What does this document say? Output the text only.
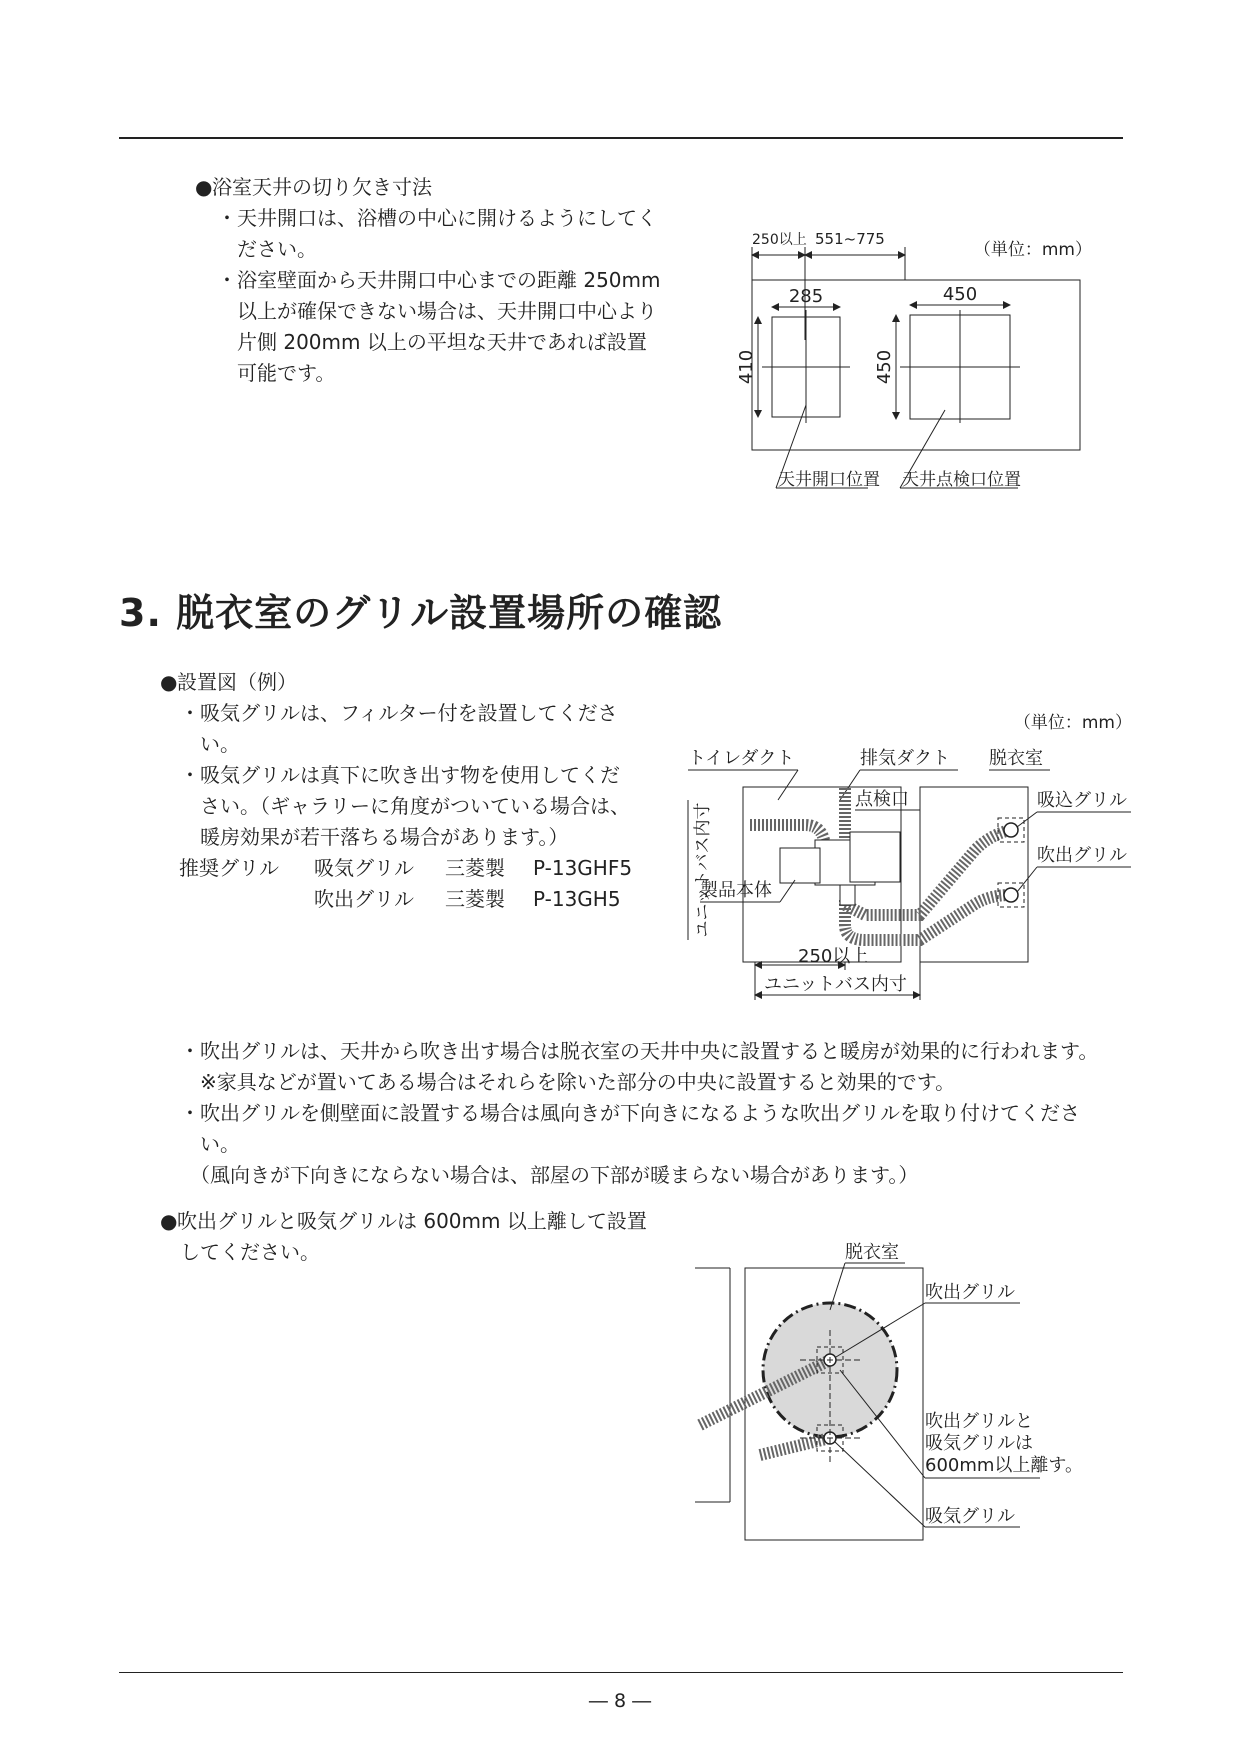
● 浴室天井の切り欠き寸法
・天井開口は、浴槽の中心に開けるようにしてく
　ださい。
・浴室壁面から天井開口中心までの距離 250mm
　以上が確保できない場合は、天井開口中心より
　片側 200mm 以上の平坦な天井であれば設置
　可能です。
（単位：mm）
250以上 551~775
285	450
410	450
天井開口位置 天井点検口位置
3. 脱衣室のグリル設置場所の確認
● 設置図（例）
・吸気グリルは、フィルター付を設置してくださ
　い。
・吸気グリルは真下に吹き出す物を使用してくだ
　さい。（ギャラリーに角度がついている場合は、
　暖房効果が若干落ちる場合があります。）
推奨グリル 吸気グリル 三菱製 P-13GHF5
吹出グリル 三菱製 P-13GH5
（単位：mm）
トイレダクト	排気ダクト 脱衣室
ユニットバス内寸
点検口	吸込グリル
吹出グリル
製品本体
250以上
ユニットバス内寸
・吹出グリルは、天井から吹き出す場合は脱衣室の天井中央に設置すると暖房が効果的に行われます。
　※家具などが置いてある場合はそれらを除いた部分の中央に設置すると効果的です。
・吹出グリルを側壁面に設置する場合は風向きが下向きになるような吹出グリルを取り付けてくださ
　い。
　（風向きが下向きにならない場合は、部屋の下部が暖まらない場合があります。）
● 吹出グリルと吸気グリルは 600mm 以上離して設置
してください。	脱衣室
吹出グリル
吹出グリルと
吸気グリルは
600mm以上離す。
吸気グリル
― 8 ―
